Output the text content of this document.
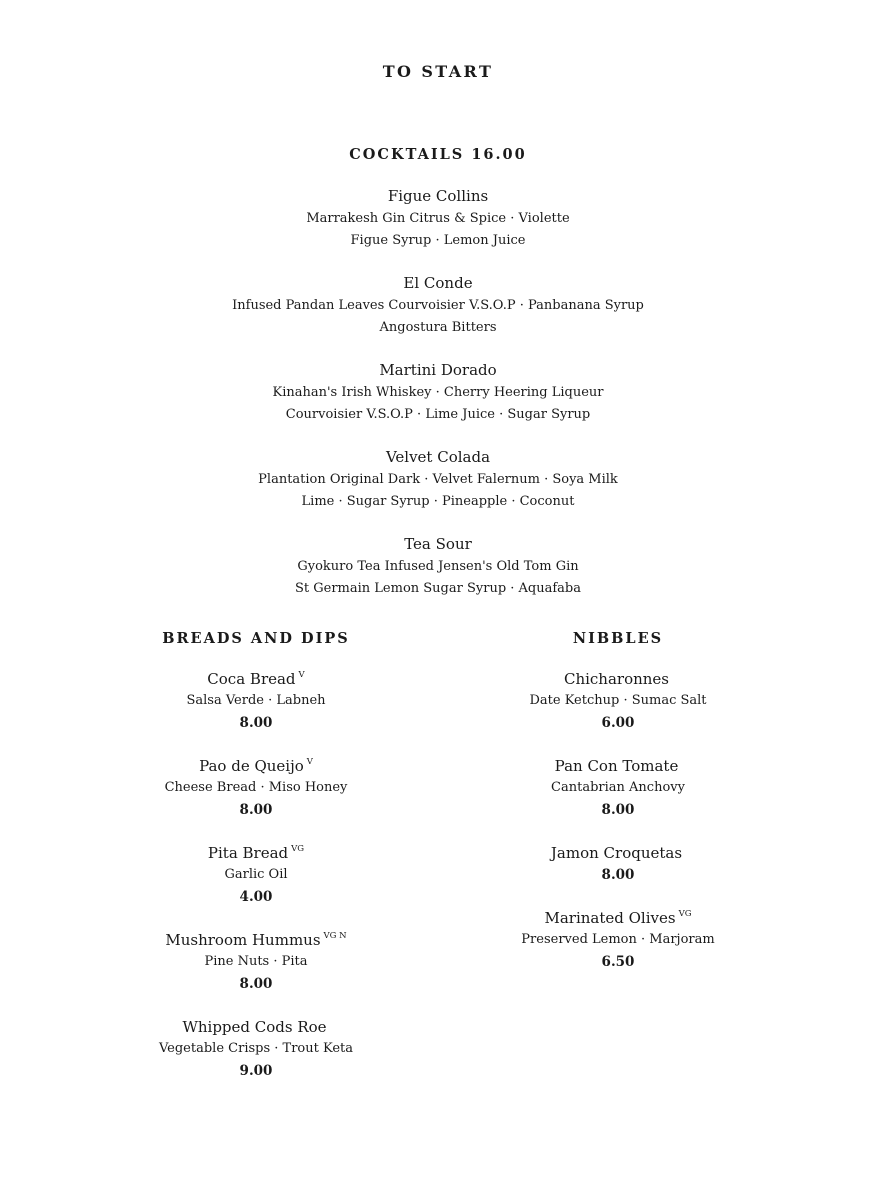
TO START
COCKTAILS 16.00
Figue Collins
Marrakesh Gin Citrus & Spice · Violette
Figue Syrup · Lemon Juice
El Conde
Infused Pandan Leaves Courvoisier V.S.O.P · Panbanana Syrup
Angostura Bitters
Martini Dorado
Kinahan's Irish Whiskey · Cherry Heering Liqueur
Courvoisier V.S.O.P · Lime Juice · Sugar Syrup
Velvet Colada
Plantation Original Dark · Velvet Falernum · Soya Milk
Lime · Sugar Syrup · Pineapple · Coconut
Tea Sour
Gyokuro Tea Infused Jensen's Old Tom Gin
St Germain Lemon Sugar Syrup · Aquafaba
BREADS AND DIPS
Coca Bread $^V$
Salsa Verde · Labneh
8.00
Pao de Queijo $^V$
Cheese Bread · Miso Honey
8.00
Pita Bread $^{VG}$
Garlic Oil
4.00
Mushroom Hummus $^{VG N}$
Pine Nuts · Pita
8.00
Whipped Cods Roe
Vegetable Crisps · Trout Keta
9.00
NIBBLES
Chicharonnes
Date Ketchup · Sumac Salt
6.00
Pan Con Tomate
Cantabrian Anchovy
8.00
Jamon Croquetas
8.00
Marinated Olives $^{VG}$
Preserved Lemon · Marjoram
6.50
